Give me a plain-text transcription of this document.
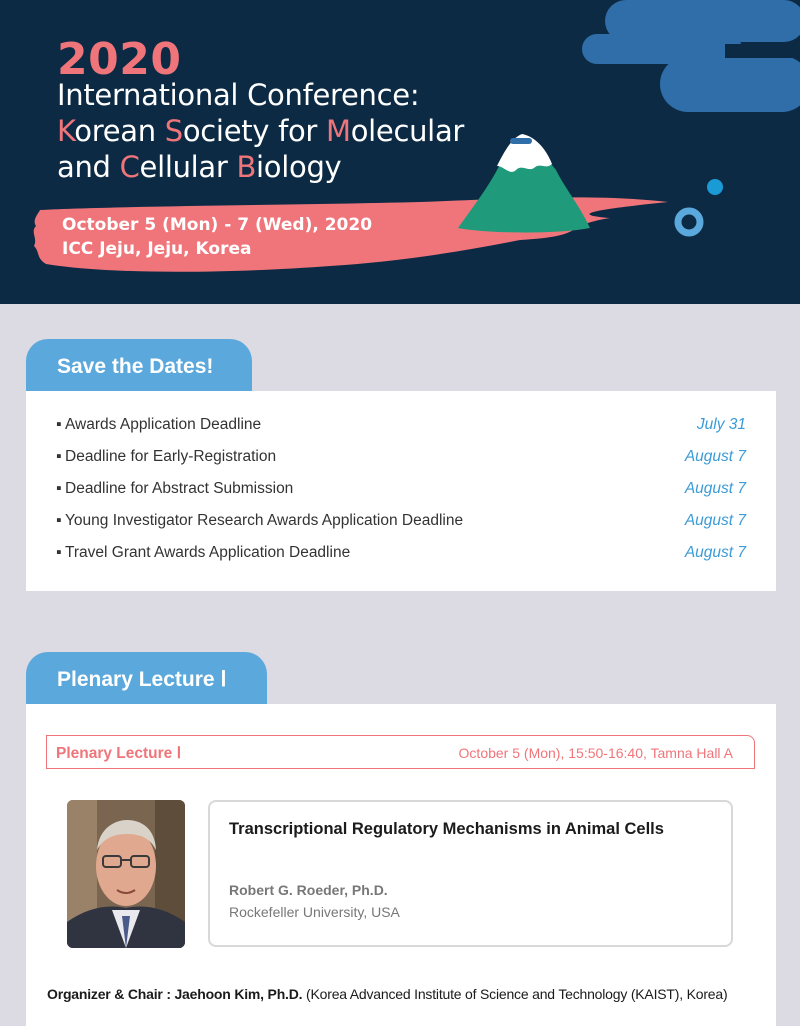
2020
International Conference:
Korean Society for Molecular
and Cellular Biology
October 5 (Mon) - 7 (Wed), 2020
ICC Jeju, Jeju, Korea
Save the Dates!
▪ Awards Application Deadline	July 31
▪ Deadline for Early-Registration	August 7
▪ Deadline for Abstract Submission	August 7
▪ Young Investigator Research Awards Application Deadline	August 7
▪ Travel Grant Awards Application Deadline	August 7
Plenary Lecture Ⅰ
Plenary Lecture Ⅰ	October 5 (Mon), 15:50-16:40, Tamna Hall A
Transcriptional Regulatory Mechanisms in Animal Cells
Robert G. Roeder, Ph.D.
Rockefeller University, USA
Organizer & Chair : Jaehoon Kim, Ph.D. (Korea Advanced Institute of Science and Technology (KAIST), Korea)
